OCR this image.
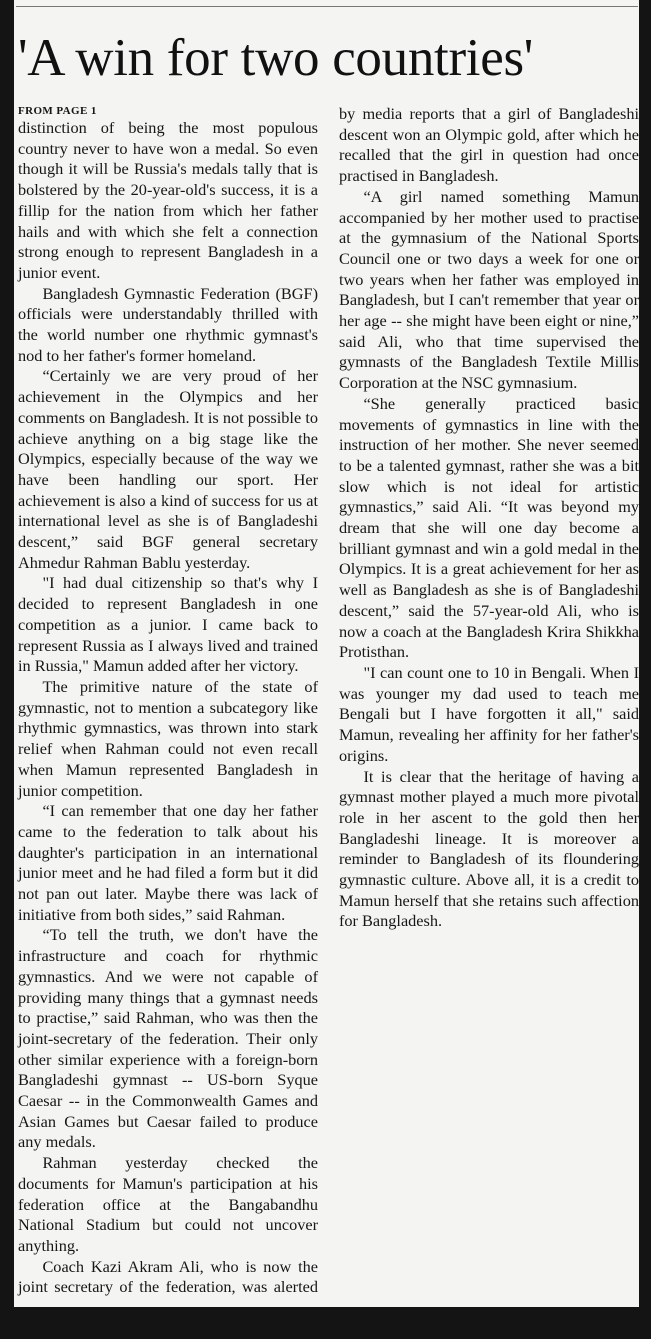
'A win for two countries'
FROM PAGE 1

distinction of being the most populous country never to have won a medal. So even though it will be Russia's medals tally that is bolstered by the 20-year-old's success, it is a fillip for the nation from which her father hails and with which she felt a connection strong enough to represent Bangladesh in a junior event.

Bangladesh Gymnastic Federation (BGF) officials were understandably thrilled with the world number one rhythmic gymnast's nod to her father's former homeland.

“Certainly we are very proud of her achievement in the Olympics and her comments on Bangladesh. It is not possible to achieve anything on a big stage like the Olympics, especially because of the way we have been handling our sport. Her achievement is also a kind of success for us at international level as she is of Bangladeshi descent,” said BGF general secretary Ahmedur Rahman Bablu yesterday.

"I had dual citizenship so that's why I decided to represent Bangladesh in one competition as a junior. I came back to represent Russia as I always lived and trained in Russia," Mamun added after her victory.

The primitive nature of the state of gymnastic, not to mention a subcategory like rhythmic gymnastics, was thrown into stark relief when Rahman could not even recall when Mamun represented Bangladesh in junior competition.

“I can remember that one day her father came to the federation to talk about his daughter's participation in an international junior meet and he had filed a form but it did not pan out later. Maybe there was lack of initiative from both sides,” said Rahman.

“To tell the truth, we don't have the infrastructure and coach for rhythmic gymnastics. And we were not capable of providing many things that a gymnast needs to practise,” said Rahman, who was then the joint-secretary of the federation. Their only other similar experience with a foreign-born Bangladeshi gymnast -- US-born Syque Caesar -- in the Commonwealth Games and Asian Games but Caesar failed to produce any medals.

Rahman yesterday checked the documents for Mamun's participation at his federation office at the Bangabandhu National Stadium but could not uncover anything.

Coach Kazi Akram Ali, who is now the joint secretary of the federation, was alerted by media reports that a girl of Bangladeshi descent won an Olympic gold, after which he recalled that the girl in question had once practised in Bangladesh.

“A girl named something Mamun accompanied by her mother used to practise at the gymnasium of the National Sports Council one or two days a week for one or two years when her father was employed in Bangladesh, but I can't remember that year or her age -- she might have been eight or nine,” said Ali, who that time supervised the gymnasts of the Bangladesh Textile Millis Corporation at the NSC gymnasium.

“She generally practiced basic movements of gymnastics in line with the instruction of her mother. She never seemed to be a talented gymnast, rather she was a bit slow which is not ideal for artistic gymnastics,” said Ali. “It was beyond my dream that she will one day become a brilliant gymnast and win a gold medal in the Olympics. It is a great achievement for her as well as Bangladesh as she is of Bangladeshi descent,” said the 57-year-old Ali, who is now a coach at the Bangladesh Krira Shikkha Protisthan.

"I can count one to 10 in Bengali. When I was younger my dad used to teach me Bengali but I have forgotten it all," said Mamun, revealing her affinity for her father's origins.

It is clear that the heritage of having a gymnast mother played a much more pivotal role in her ascent to the gold then her Bangladeshi lineage. It is moreover a reminder to Bangladesh of its floundering gymnastic culture. Above all, it is a credit to Mamun herself that she retains such affection for Bangladesh.
